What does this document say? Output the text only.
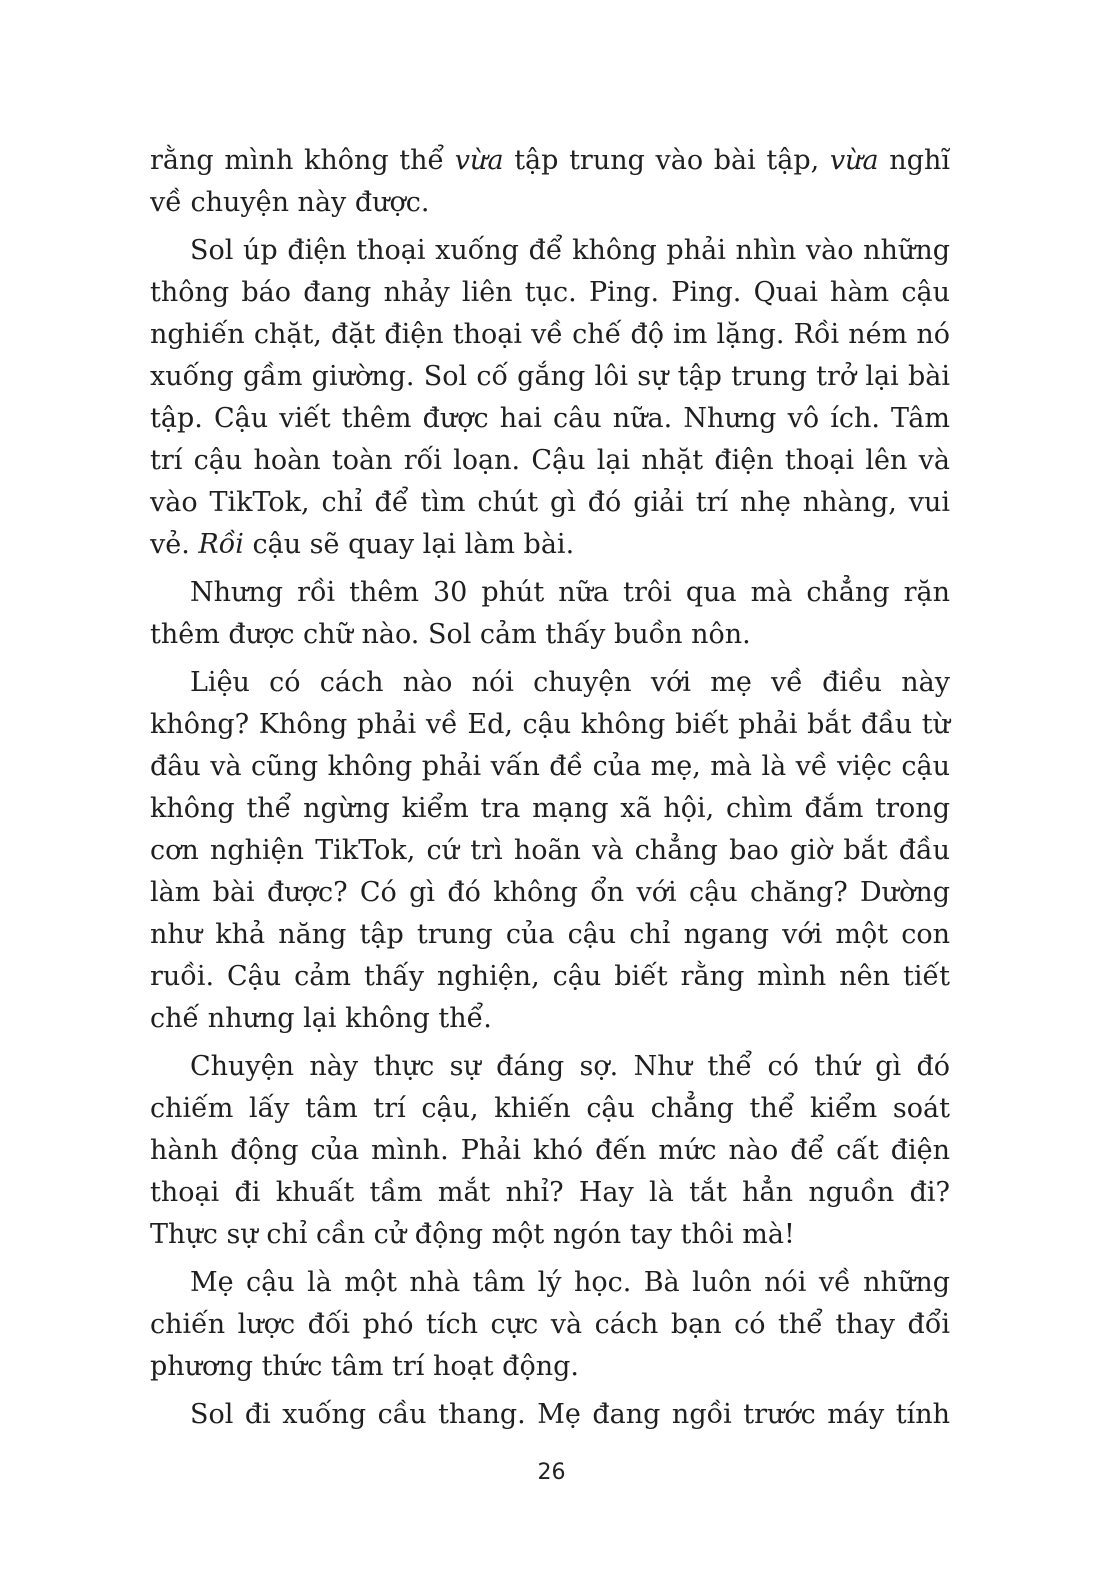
rằng mình không thể vừa tập trung vào bài tập, vừa nghĩ về chuyện này được.

Sol úp điện thoại xuống để không phải nhìn vào những thông báo đang nhảy liên tục. Ping. Ping. Quai hàm cậu nghiến chặt, đặt điện thoại về chế độ im lặng. Rồi ném nó xuống gầm giường. Sol cố gắng lôi sự tập trung trở lại bài tập. Cậu viết thêm được hai câu nữa. Nhưng vô ích. Tâm trí cậu hoàn toàn rối loạn. Cậu lại nhặt điện thoại lên và vào TikTok, chỉ để tìm chút gì đó giải trí nhẹ nhàng, vui vẻ. Rồi cậu sẽ quay lại làm bài.

Nhưng rồi thêm 30 phút nữa trôi qua mà chẳng rặn thêm được chữ nào. Sol cảm thấy buồn nôn.

Liệu có cách nào nói chuyện với mẹ về điều này không? Không phải về Ed, cậu không biết phải bắt đầu từ đâu và cũng không phải vấn đề của mẹ, mà là về việc cậu không thể ngừng kiểm tra mạng xã hội, chìm đắm trong cơn nghiện TikTok, cứ trì hoãn và chẳng bao giờ bắt đầu làm bài được? Có gì đó không ổn với cậu chăng? Dường như khả năng tập trung của cậu chỉ ngang với một con ruồi. Cậu cảm thấy nghiện, cậu biết rằng mình nên tiết chế nhưng lại không thể.

Chuyện này thực sự đáng sợ. Như thể có thứ gì đó chiếm lấy tâm trí cậu, khiến cậu chẳng thể kiểm soát hành động của mình. Phải khó đến mức nào để cất điện thoại đi khuất tầm mắt nhỉ? Hay là tắt hẳn nguồn đi? Thực sự chỉ cần cử động một ngón tay thôi mà!

Mẹ cậu là một nhà tâm lý học. Bà luôn nói về những chiến lược đối phó tích cực và cách bạn có thể thay đổi phương thức tâm trí hoạt động.

Sol đi xuống cầu thang. Mẹ đang ngồi trước máy tính

26
